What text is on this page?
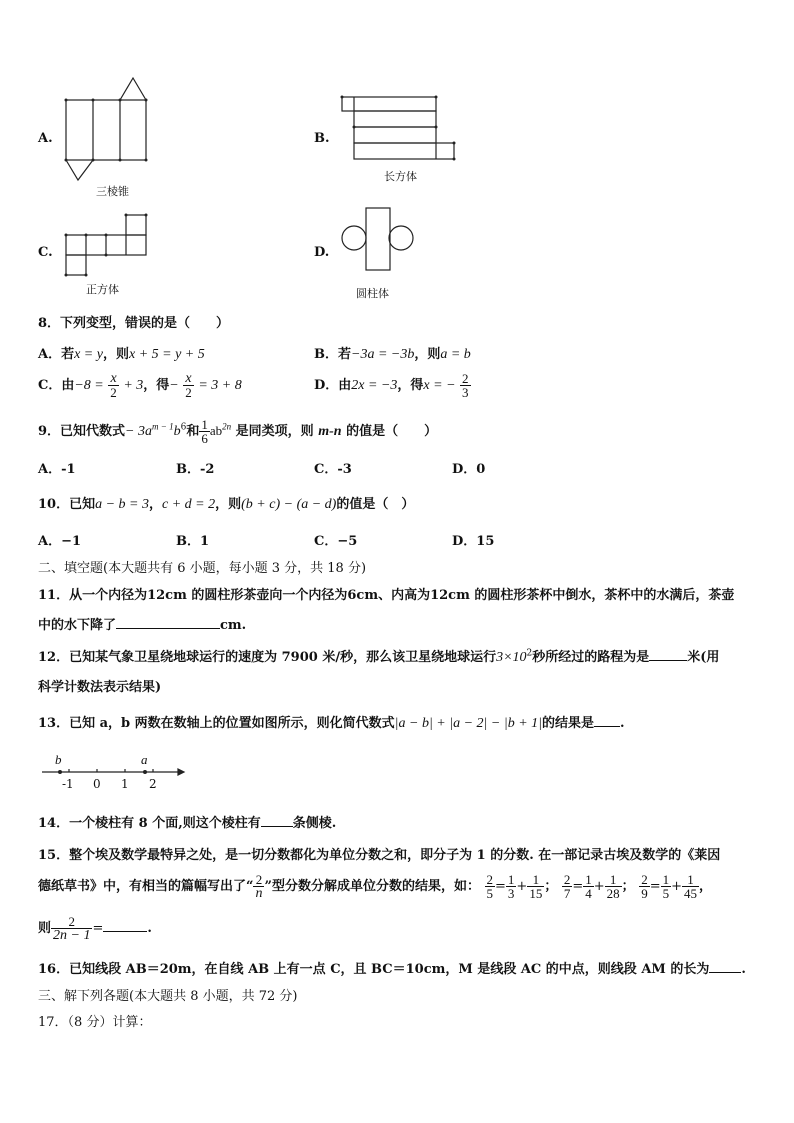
A.
三棱锥
B.
长方体
C.
正方体
D.
圆柱体
8．下列变型，错误的是（　　）
A．若x = y，则x + 5 = y + 5	B．若−3a = −3b，则a = b
C．由$-8 = \frac{x}{2} + 3$，得− $\frac{x}{2} = 3 + 8$	D．由2x = −3，得x = − $\frac{2}{3}$
9．已知代数式− $3a^{m - 1}b^6$和 $\frac{1}{6} ab^{2n}$ 是同类项，则 m-n 的值是（　　）
A．-1	B．-2	C．-3	D．0
10．已知a − b = 3，c + d = 2，则(b + c) − (a − d)的值是（　）
A．−1	B．1	C．−5	D．15
二、填空题(本大题共有 6 小题，每小题 3 分，共 18 分)
11．从一个内径为12cm 的圆柱形茶壶向一个内径为6cm、内高为12cm 的圆柱形茶杯中倒水，茶杯中的水满后，茶壶
中的水下降了	cm.
12．已知某气象卫星绕地球运行的速度为 7900 米/秒，那么该卫星绕地球运行$3\times 10^2$秒所经过的路程为是	米(用
科学计数法表示结果)
13．已知 a，b 两数在数轴上的位置如图所示，则化简代数式|a − b| + |a − 2| − |b + 1|的结果是 .
b	a
-1 0 1 2
14．一个棱柱有 8 个面,则这个棱柱有 条侧棱.
15．整个埃及数学最特异之处，是一切分数都化为单位分数之和，即分子为 1 的分数. 在一部记录古埃及数学的《莱因
德纸草书》中，有相当的篇幅写出了“ $\frac{2}{n}$ ”型分数分解成单位分数的结果，如： $\frac{2}{5} = \frac{1}{3} + \frac{1}{15}$ ； $\frac{2}{7} = \frac{1}{4} + \frac{1}{28}$ ； $\frac{2}{9} = \frac{1}{5} + \frac{1}{45}$ ，
则 $\frac{2}{2n - 1}$ =	.
16．已知线段 AB＝20m，在自线 AB 上有一点 C，且 BC＝10cm，M 是线段 AC 的中点，则线段 AM 的长为 .
三、解下列各题(本大题共 8 小题，共 72 分)
17．（8 分）计算：
